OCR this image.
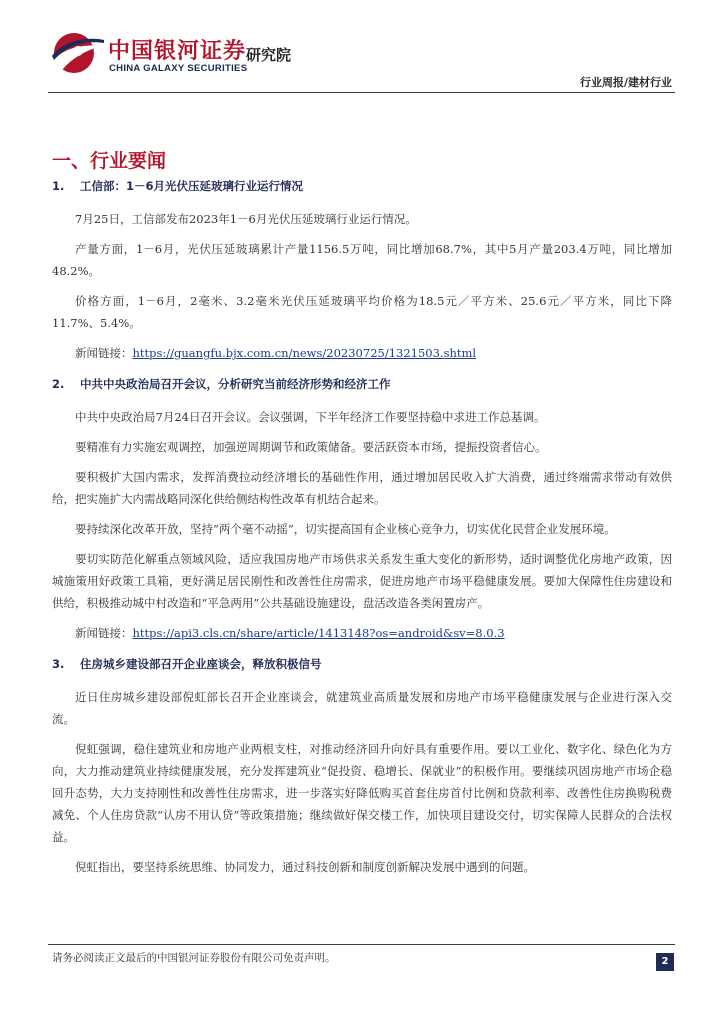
中国银河证券
CHINA GALAXY SECURITIES
研究院
行业周报/建材行业
一、行业要闻
1.	工信部：1－6月光伏压延玻璃行业运行情况

7月25日，工信部发布2023年1－6月光伏压延玻璃行业运行情况。

产量方面，1－6月，光伏压延玻璃累计产量1156.5万吨，同比增加68.7%，其中5月产量203.4万吨，同比增加48.2%。

价格方面，1－6月，2毫米、3.2毫米光伏压延玻璃平均价格为18.5元／平方米、25.6元／平方米，同比下降11.7%、5.4%。

新闻链接：https://guangfu.bjx.com.cn/news/20230725/1321503.shtml

2.	中共中央政治局召开会议，分析研究当前经济形势和经济工作

中共中央政治局7月24日召开会议。会议强调，下半年经济工作要坚持稳中求进工作总基调。

要精准有力实施宏观调控，加强逆周期调节和政策储备。要活跃资本市场，提振投资者信心。

要积极扩大国内需求，发挥消费拉动经济增长的基础性作用，通过增加居民收入扩大消费，通过终端需求带动有效供给，把实施扩大内需战略同深化供给侧结构性改革有机结合起来。

要持续深化改革开放，坚持“两个毫不动摇”，切实提高国有企业核心竞争力，切实优化民营企业发展环境。

要切实防范化解重点领域风险，适应我国房地产市场供求关系发生重大变化的新形势，适时调整优化房地产政策，因城施策用好政策工具箱，更好满足居民刚性和改善性住房需求，促进房地产市场平稳健康发展。要加大保障性住房建设和供给，积极推动城中村改造和“平急两用”公共基础设施建设，盘活改造各类闲置房产。

新闻链接：https://api3.cls.cn/share/article/1413148?os=android&sv=8.0.3

3.	住房城乡建设部召开企业座谈会，释放积极信号

近日住房城乡建设部倪虹部长召开企业座谈会，就建筑业高质量发展和房地产市场平稳健康发展与企业进行深入交流。

倪虹强调，稳住建筑业和房地产业两根支柱，对推动经济回升向好具有重要作用。要以工业化、数字化、绿色化为方向，大力推动建筑业持续健康发展，充分发挥建筑业“促投资、稳增长、保就业”的积极作用。要继续巩固房地产市场企稳回升态势，大力支持刚性和改善性住房需求，进一步落实好降低购买首套住房首付比例和贷款利率、改善性住房换购税费减免、个人住房贷款“认房不用认贷”等政策措施；继续做好保交楼工作，加快项目建设交付，切实保障人民群众的合法权益。

倪虹指出，要坚持系统思维、协同发力，通过科技创新和制度创新解决发展中遇到的问题。

请务必阅读正文最后的中国银河证券股份有限公司免责声明。	2
